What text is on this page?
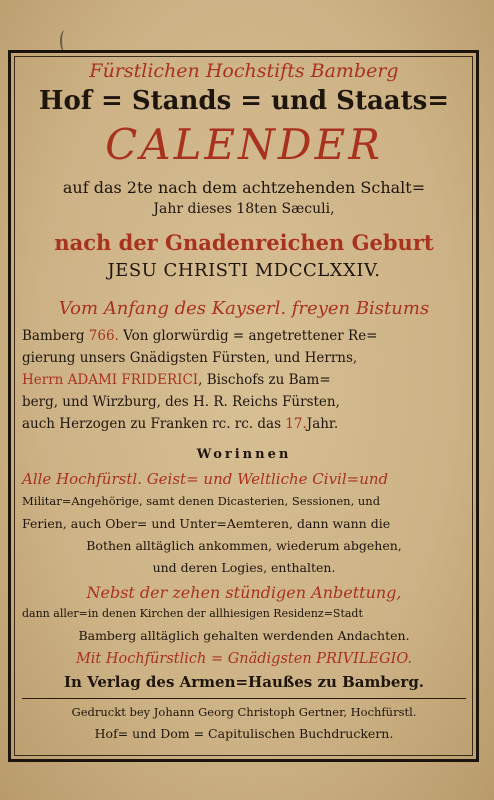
Fürstlichen Hochstifts Bamberg
Hof = Stands = und Staats=
CALENDER
auf das 2te nach dem achtzehenden Schalt=
Jahr dieses 18ten Sæculi,
nach der Gnadenreichen Geburt
JESU CHRISTI MDCCLXXIV.
Vom Anfang des Kayserl. freyen Bistums
Bamberg 766. Von glorwürdig = angetrettener Re=
gierung unsers Gnädigsten Fürsten, und Herrns,
Herrn ADAMI FRIDERICI, Bischofs zu Bam=
berg, und Wirzburg, des H. R. Reichs Fürsten,
auch Herzogen zu Franken rc. rc. das 17.Jahr.
Worinnen
Alle Hochfürstl. Geist= und Weltliche Civil=und
Militar=Angehörige, samt denen Dicasterien, Sessionen, und
Ferien, auch Ober= und Unter=Aemteren, dann wann die
Bothen alltäglich ankommen, wiederum abgehen,
und deren Logies, enthalten.
Nebst der zehen stündigen Anbettung,
dann aller=in denen Kirchen der allhiesigen Residenz=Stadt
Bamberg alltäglich gehalten werdenden Andachten.
Mit Hochfürstlich = Gnädigsten PRIVILEGIO.
In Verlag des Armen=Haußes zu Bamberg.
Gedruckt bey Johann Georg Christoph Gertner, Hochfürstl.
Hof= und Dom = Capitulischen Buchdruckern.
